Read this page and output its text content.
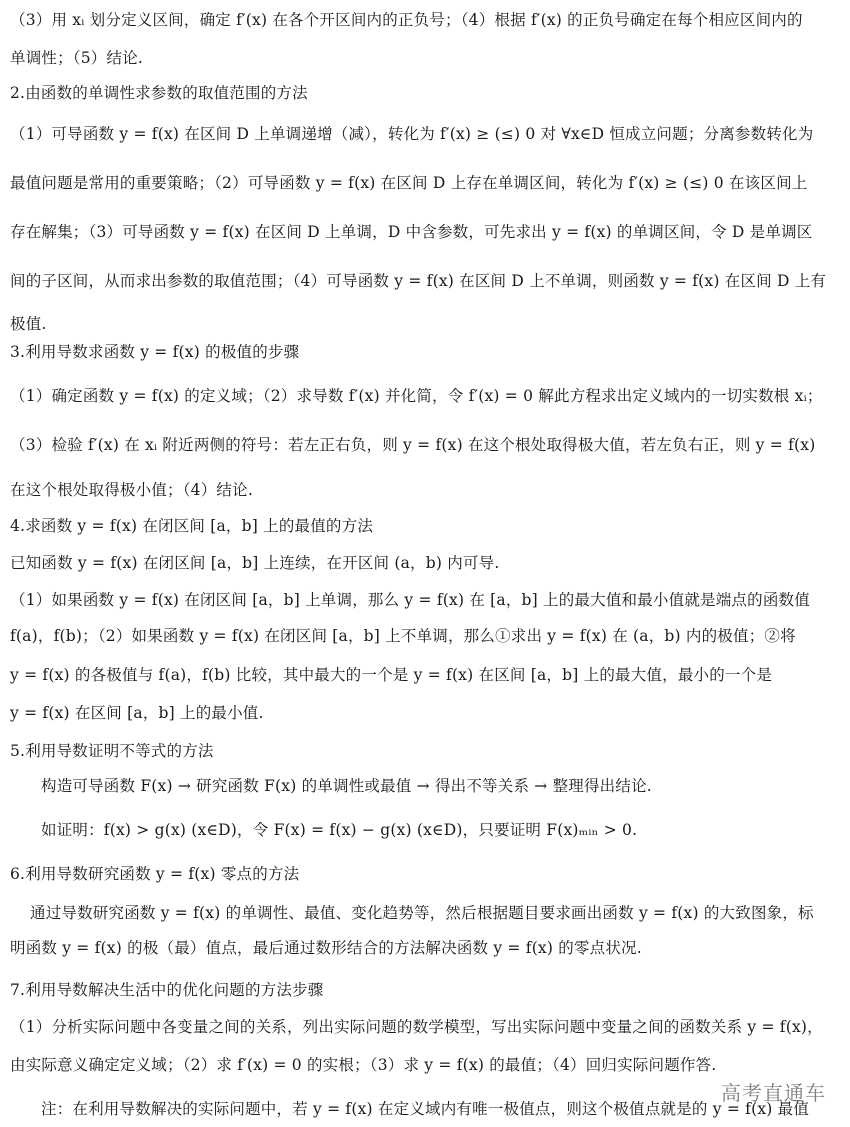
（3）用 xᵢ 划分定义区间，确定 f′(x) 在各个开区间内的正负号；（4）根据 f′(x) 的正负号确定在每个相应区间内的
单调性；（5）结论.
2.由函数的单调性求参数的取值范围的方法
（1）可导函数 y = f(x) 在区间 D 上单调递增（减），转化为 f′(x) ≥ (≤) 0 对 ∀x∈D 恒成立问题；分离参数转化为
最值问题是常用的重要策略；（2）可导函数 y = f(x) 在区间 D 上存在单调区间，转化为 f′(x) ≥ (≤) 0 在该区间上
存在解集；（3）可导函数 y = f(x) 在区间 D 上单调，D 中含参数，可先求出 y = f(x) 的单调区间，令 D 是单调区
间的子区间，从而求出参数的取值范围；（4）可导函数 y = f(x) 在区间 D 上不单调，则函数 y = f(x) 在区间 D 上有
极值.
3.利用导数求函数 y = f(x) 的极值的步骤
（1）确定函数 y = f(x) 的定义域；（2）求导数 f′(x) 并化简，令 f′(x) = 0 解此方程求出定义域内的一切实数根 xᵢ；
（3）检验 f′(x) 在 xᵢ 附近两侧的符号：若左正右负，则 y = f(x) 在这个根处取得极大值，若左负右正，则 y = f(x)
在这个根处取得极小值；（4）结论.
4.求函数 y = f(x) 在闭区间 [a，b] 上的最值的方法
已知函数 y = f(x) 在闭区间 [a，b] 上连续，在开区间 (a，b) 内可导.
（1）如果函数 y = f(x) 在闭区间 [a，b] 上单调，那么 y = f(x) 在 [a，b] 上的最大值和最小值就是端点的函数值
f(a)，f(b)；（2）如果函数 y = f(x) 在闭区间 [a，b] 上不单调，那么①求出 y = f(x) 在 (a，b) 内的极值；②将
y = f(x) 的各极值与 f(a)，f(b) 比较，其中最大的一个是 y = f(x) 在区间 [a，b] 上的最大值，最小的一个是
y = f(x) 在区间 [a，b] 上的最小值.
5.利用导数证明不等式的方法
构造可导函数 F(x) → 研究函数 F(x) 的单调性或最值 → 得出不等关系 → 整理得出结论.
如证明：f(x) > g(x) (x∈D)，令 F(x) = f(x) − g(x) (x∈D)，只要证明 F(x)ₘᵢₙ > 0.
6.利用导数研究函数 y = f(x) 零点的方法
通过导数研究函数 y = f(x) 的单调性、最值、变化趋势等，然后根据题目要求画出函数 y = f(x) 的大致图象，标
明函数 y = f(x) 的极（最）值点，最后通过数形结合的方法解决函数 y = f(x) 的零点状况.
7.利用导数解决生活中的优化问题的方法步骤
（1）分析实际问题中各变量之间的关系，列出实际问题的数学模型，写出实际问题中变量之间的函数关系 y = f(x)，
由实际意义确定定义域；（2）求 f′(x) = 0 的实根；（3）求 y = f(x) 的最值；（4）回归实际问题作答.
注：在利用导数解决的实际问题中，若 y = f(x) 在定义域内有唯一极值点，则这个极值点就是的 y = f(x) 最值
高考直通车
